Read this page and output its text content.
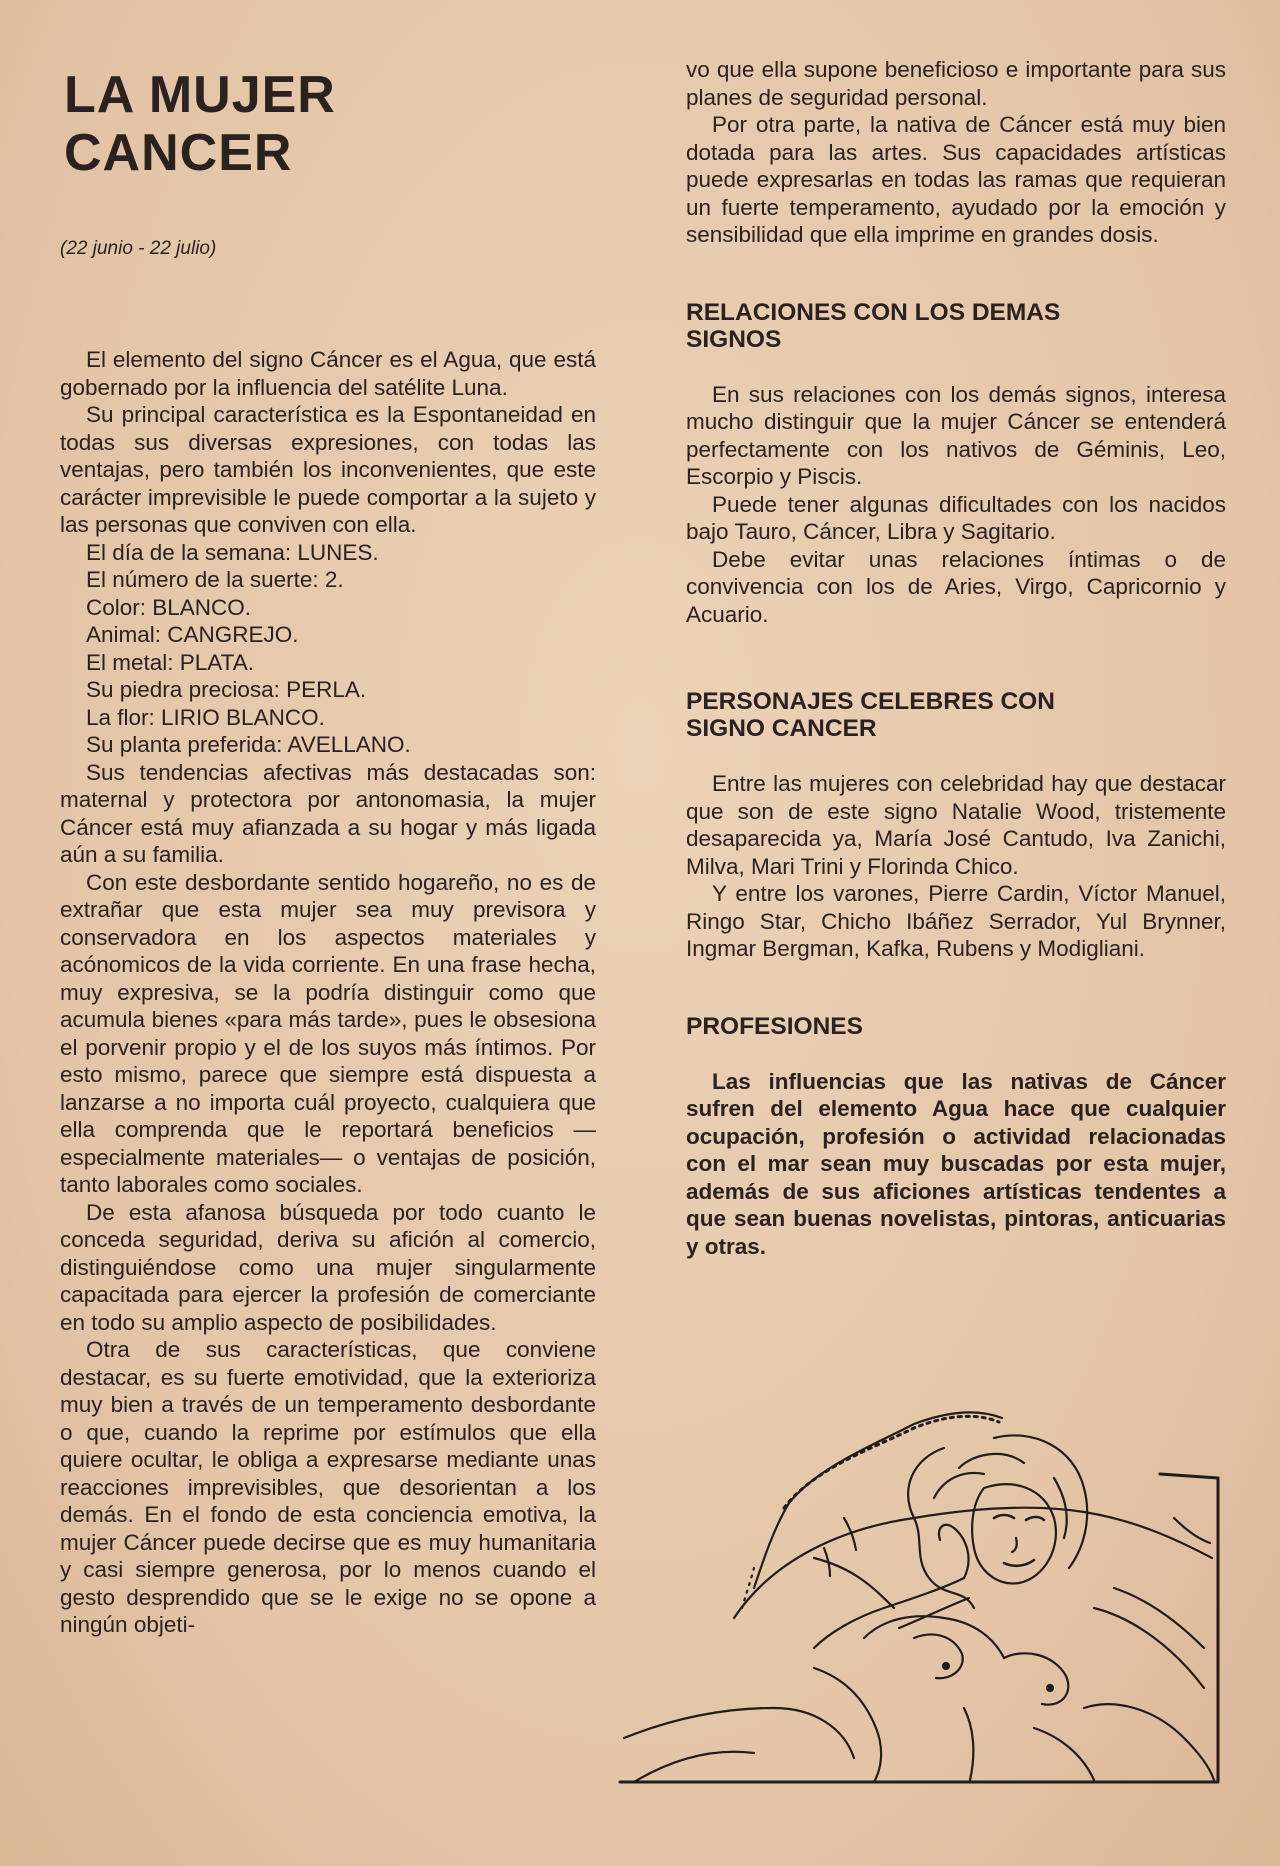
LA MUJER
CANCER
(22 junio - 22 julio)

El elemento del signo Cáncer es el Agua, que está gobernado por la influencia del satélite Luna.

Su principal característica es la Espontaneidad en todas sus diversas expresiones, con todas las ventajas, pero también los inconvenientes, que este carácter imprevisible le puede comportar a la sujeto y las personas que conviven con ella.

El día de la semana: LUNES.

El número de la suerte: 2.

Color: BLANCO.

Animal: CANGREJO.

El metal: PLATA.

Su piedra preciosa: PERLA.

La flor: LIRIO BLANCO.

Su planta preferida: AVELLANO.

Sus tendencias afectivas más destacadas son: maternal y protectora por antonomasia, la mujer Cáncer está muy afianzada a su hogar y más ligada aún a su familia.

Con este desbordante sentido hogareño, no es de extrañar que esta mujer sea muy previsora y conservadora en los aspectos materiales y acónomicos de la vida corriente. En una frase hecha, muy expresiva, se la podría distinguir como que acumula bienes «para más tarde», pues le obsesiona el porvenir propio y el de los suyos más íntimos. Por esto mismo, parece que siempre está dispuesta a lanzarse a no importa cuál proyecto, cualquiera que ella comprenda que le reportará beneficios —especialmente materiales— o ventajas de posición, tanto laborales como sociales.

De esta afanosa búsqueda por todo cuanto le conceda seguridad, deriva su afición al comercio, distinguiéndose como una mujer singularmente capacitada para ejercer la profesión de comerciante en todo su amplio aspecto de posibilidades.

Otra de sus características, que conviene destacar, es su fuerte emotividad, que la exterioriza muy bien a través de un temperamento desbordante o que, cuando la reprime por estímulos que ella quiere ocultar, le obliga a expresarse mediante unas reacciones imprevisibles, que desorientan a los demás. En el fondo de esta conciencia emotiva, la mujer Cáncer puede decirse que es muy humanitaria y casi siempre generosa, por lo menos cuando el gesto desprendido que se le exige no se opone a ningún objeti-

vo que ella supone beneficioso e importante para sus planes de seguridad personal.

Por otra parte, la nativa de Cáncer está muy bien dotada para las artes. Sus capacidades artísticas puede expresarlas en todas las ramas que requieran un fuerte temperamento, ayudado por la emoción y sensibilidad que ella imprime en grandes dosis.

RELACIONES CON LOS DEMAS
SIGNOS

En sus relaciones con los demás signos, interesa mucho distinguir que la mujer Cáncer se entenderá perfectamente con los nativos de Géminis, Leo, Escorpio y Piscis.

Puede tener algunas dificultades con los nacidos bajo Tauro, Cáncer, Libra y Sagitario.

Debe evitar unas relaciones íntimas o de convivencia con los de Aries, Virgo, Capricornio y Acuario.

PERSONAJES CELEBRES CON
SIGNO CANCER

Entre las mujeres con celebridad hay que destacar que son de este signo Natalie Wood, tristemente desaparecida ya, María José Cantudo, Iva Zanichi, Milva, Mari Trini y Florinda Chico.

Y entre los varones, Pierre Cardin, Víctor Manuel, Ringo Star, Chicho Ibáñez Serrador, Yul Brynner, Ingmar Bergman, Kafka, Rubens y Modigliani.

PROFESIONES

Las influencias que las nativas de Cáncer sufren del elemento Agua hace que cualquier ocupación, profesión o actividad relacionadas con el mar sean muy buscadas por esta mujer, además de sus aficiones artísticas tendentes a que sean buenas novelistas, pintoras, anticuarias y otras.
